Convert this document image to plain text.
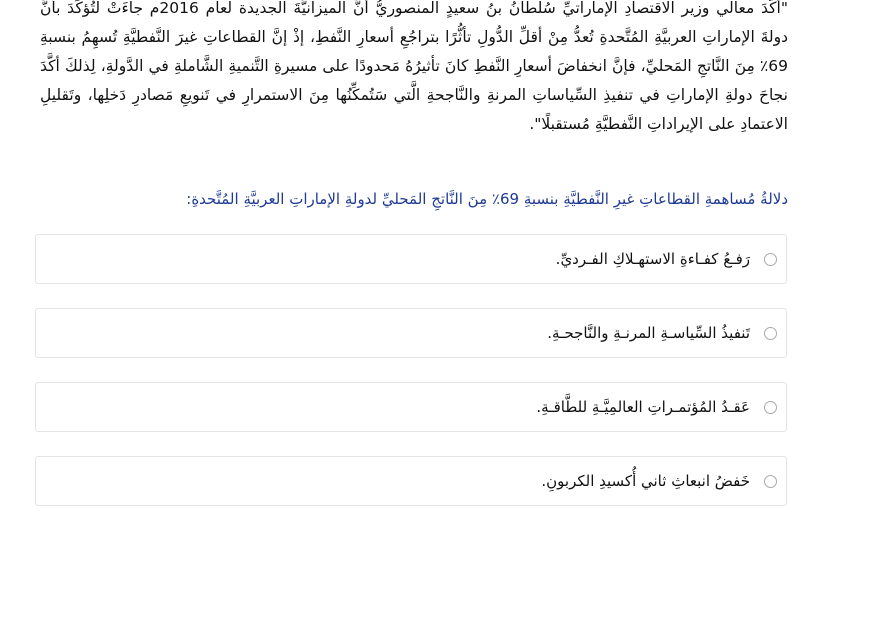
"أكَّدَ معالي وزير الاقتصادِ الإماراتيِّ سُلطانُ بنُ سعيدٍ المنصوريُّ أنَّ الميزانيَّةَ الجديدة لعام 2016م جاءَتْ لتُؤكِّدَ بأنَّ دولةَ الإماراتِ العربيَّةِ المُتَّحدةِ تُعدُّ مِنْ أقلِّ الدُّولِ تأثُّرًا بتراجُعِ أسعارِ النَّفطِ، إذْ إنَّ القطاعاتِ غيرَ النَّفطيَّةِ تُسهِمُ بنسبةِ 69٪ مِنَ النَّاتجِ المَحليِّ، فإنَّ انخفاضَ أسعارِ النَّفطِ كانَ تأثيرُهُ مَحدودًا على مسيرةِ التَّنميةِ الشَّاملةِ في الدَّولةِ، لِذلكَ أكَّدَ نجاحَ دولةِ الإماراتِ في تنفيذِ السِّياساتِ المرنةِ والنَّاجحةِ الَّتي سَتُمكِّنُها مِنَ الاستمرارِ في تَنويعِ مَصادرِ دَخلِها، وتَقليلِ الاعتمادِ على الإيراداتِ النَّفطيَّةِ مُستقبلًا".

دلالةُ مُساهمةِ القطاعاتِ غيرِ النَّفطيَّةِ بنسبةِ 69٪ مِنَ النَّاتجِ المَحليِّ لدولةِ الإماراتِ العربيَّةِ المُتَّحدةِ:

رَفـعُ كفـاءةِ الاستهـلاكِ الفـرديِّ.
تَنفيذُ السِّياسـةِ المرنـةِ والنَّاجحـةِ.
عَقـدُ المُؤتمـراتِ العالمِيَّـةِ للطَّاقـةِ.
خَفضُ انبعاثِ ثاني أُكسيدِ الكربونِ.
